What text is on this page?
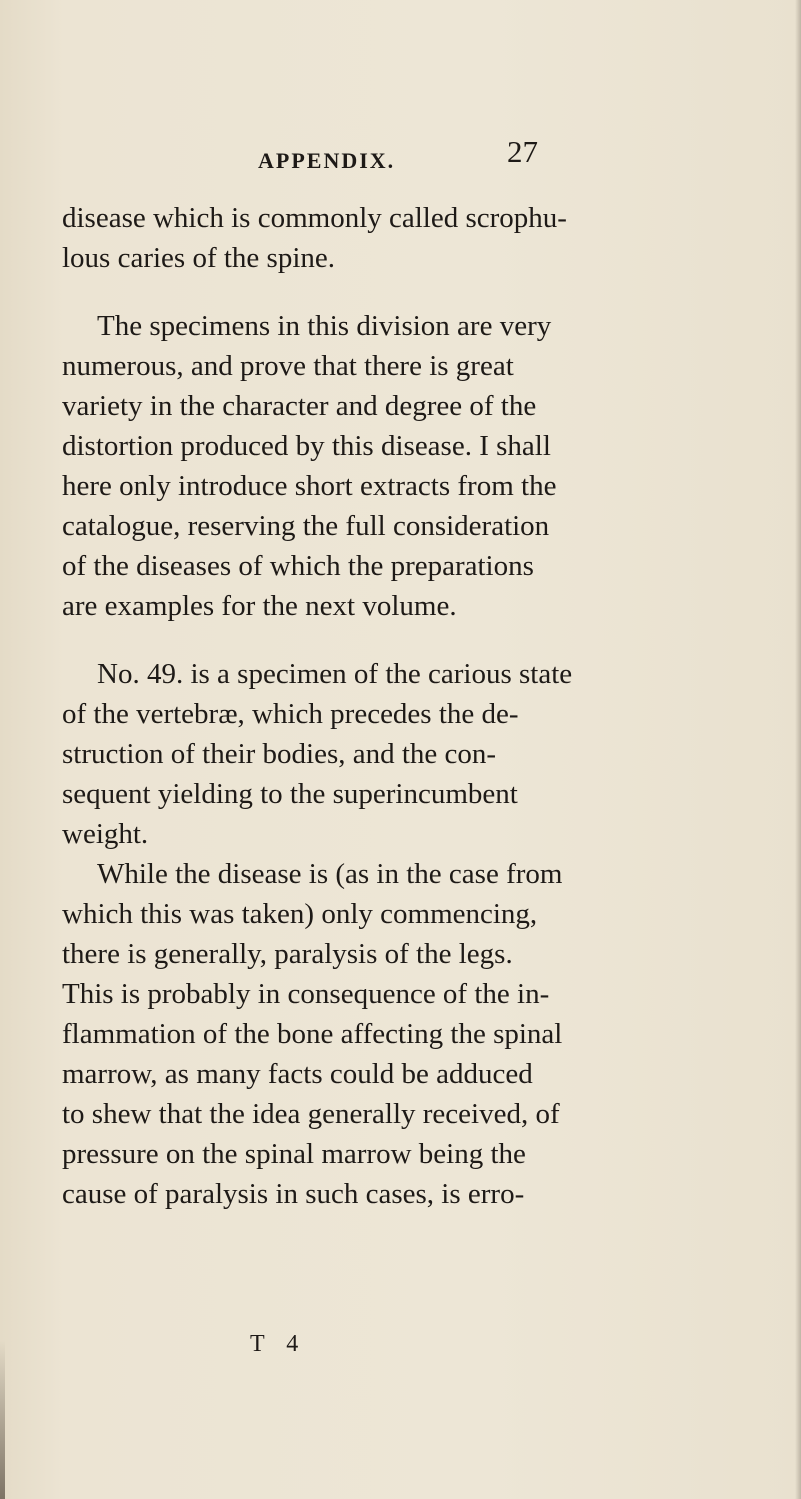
APPENDIX.	27

disease which is commonly called scrophu-
lous caries of the spine.

The specimens in this division are very
numerous, and prove that there is great
variety in the character and degree of the
distortion produced by this disease. I shall
here only introduce short extracts from the
catalogue, reserving the full consideration
of the diseases of which the preparations
are examples for the next volume.

No. 49. is a specimen of the carious state
of the vertebræ, which precedes the de-
struction of their bodies, and the con-
sequent yielding to the superincumbent
weight.

While the disease is (as in the case from
which this was taken) only commencing,
there is generally, paralysis of the legs.
This is probably in consequence of the in-
flammation of the bone affecting the spinal
marrow, as many facts could be adduced
to shew that the idea generally received, of
pressure on the spinal marrow being the
cause of paralysis in such cases, is erro-

T 4
